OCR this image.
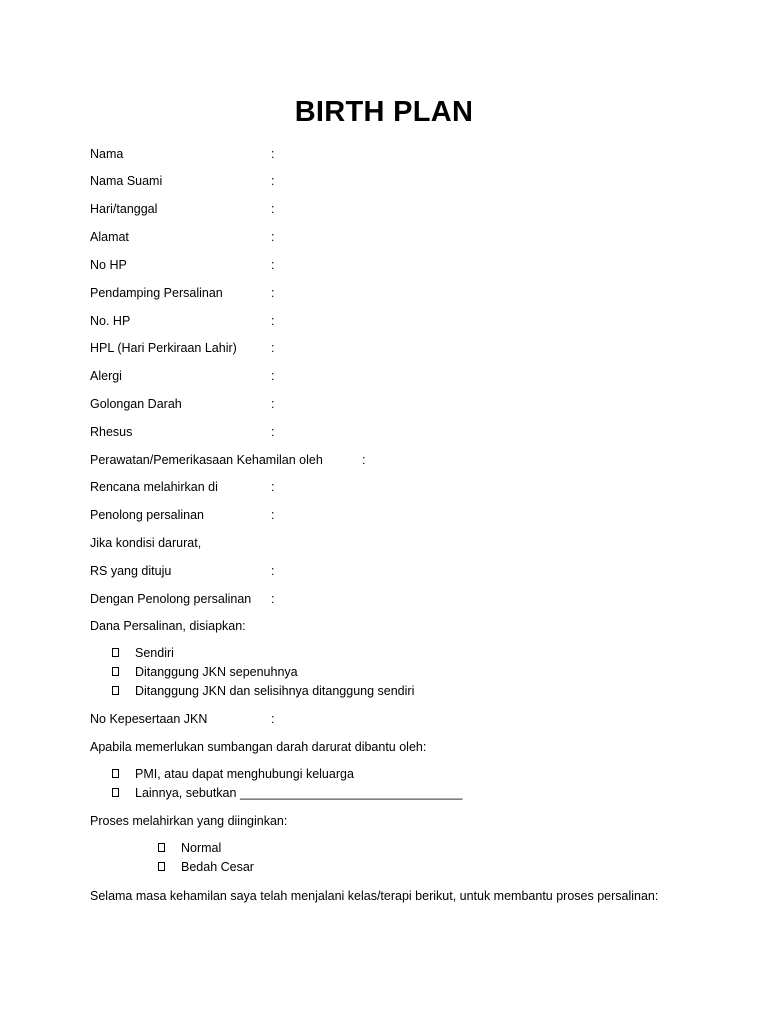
BIRTH PLAN
Nama	:
Nama Suami	:
Hari/tanggal	:
Alamat	:
No HP	:
Pendamping Persalinan	:
No. HP	:
HPL (Hari Perkiraan Lahir)	:
Alergi	:
Golongan Darah	:
Rhesus	:
Perawatan/Pemerikasaan Kehamilan oleh	:
Rencana melahirkan di	:
Penolong persalinan	:
Jika kondisi darurat,
RS yang dituju	:
Dengan Penolong persalinan :
Dana Persalinan, disiapkan:
Sendiri
Ditanggung JKN sepenuhnya
Ditanggung JKN dan selisihnya ditanggung sendiri
No Kepesertaan JKN	:
Apabila memerlukan sumbangan darah darurat dibantu oleh:
PMI, atau dapat menghubungi keluarga
Lainnya, sebutkan ________________________________
Proses melahirkan yang diinginkan:
Normal
Bedah Cesar
Selama masa kehamilan saya telah menjalani kelas/terapi berikut, untuk membantu proses persalinan:
